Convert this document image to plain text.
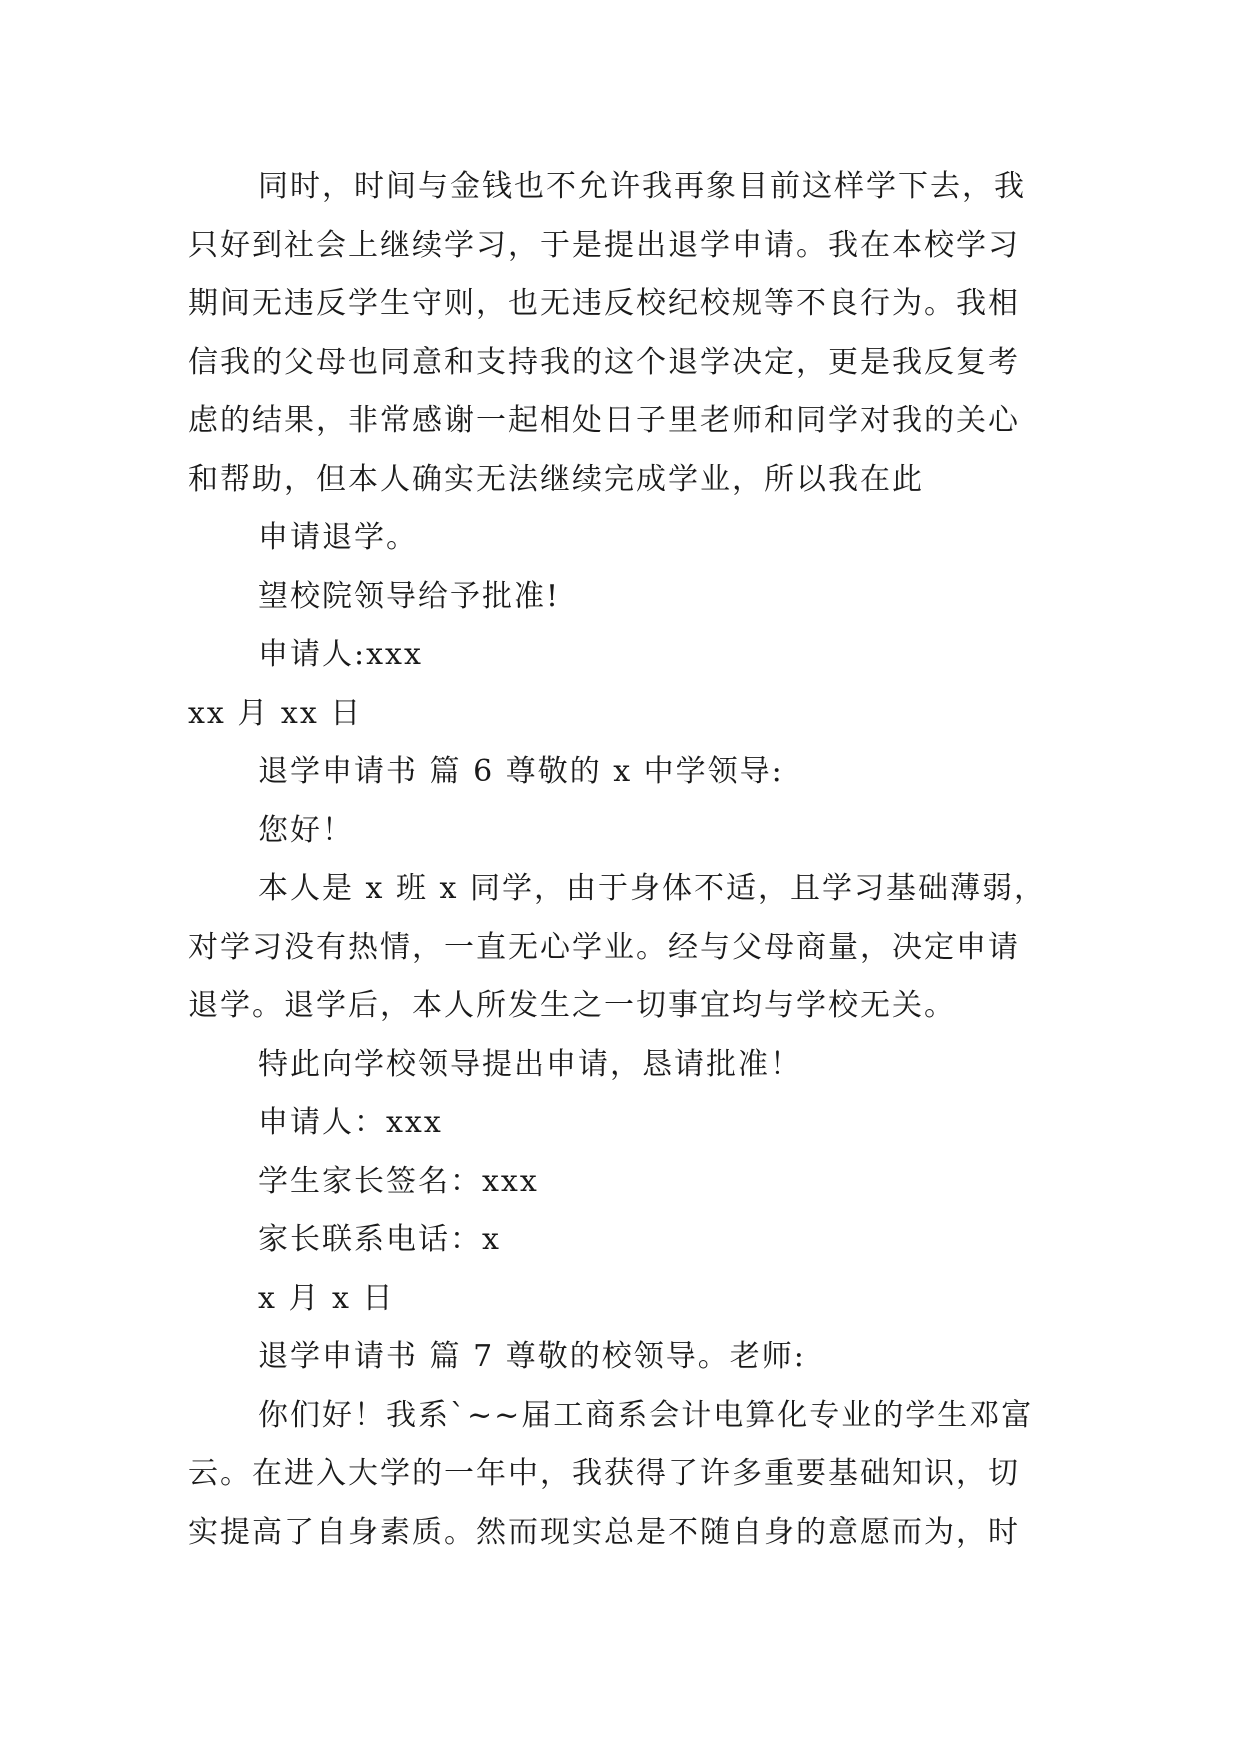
同时，时间与金钱也不允许我再象目前这样学下去，我
只好到社会上继续学习，于是提出退学申请。我在本校学习
期间无违反学生守则，也无违反校纪校规等不良行为。我相
信我的父母也同意和支持我的这个退学决定，更是我反复考
虑的结果，非常感谢一起相处日子里老师和同学对我的关心
和帮助，但本人确实无法继续完成学业，所以我在此
申请退学。
望校院领导给予批准!
申请人:xxx
xx 月 xx 日
退学申请书 篇 6 尊敬的 x 中学领导:
您好！
本人是 x 班 x 同学，由于身体不适，且学习基础薄弱，
对学习没有热情，一直无心学业。经与父母商量，决定申请
退学。退学后，本人所发生之一切事宜均与学校无关。
特此向学校领导提出申请，恳请批准！
申请人：xxx
学生家长签名：xxx
家长联系电话：x
x 月 x 日
退学申请书 篇 7 尊敬的校领导。老师:
你们好！我系`~~届工商系会计电算化专业的学生邓富
云。在进入大学的一年中，我获得了许多重要基础知识，切
实提高了自身素质。然而现实总是不随自身的意愿而为，时
